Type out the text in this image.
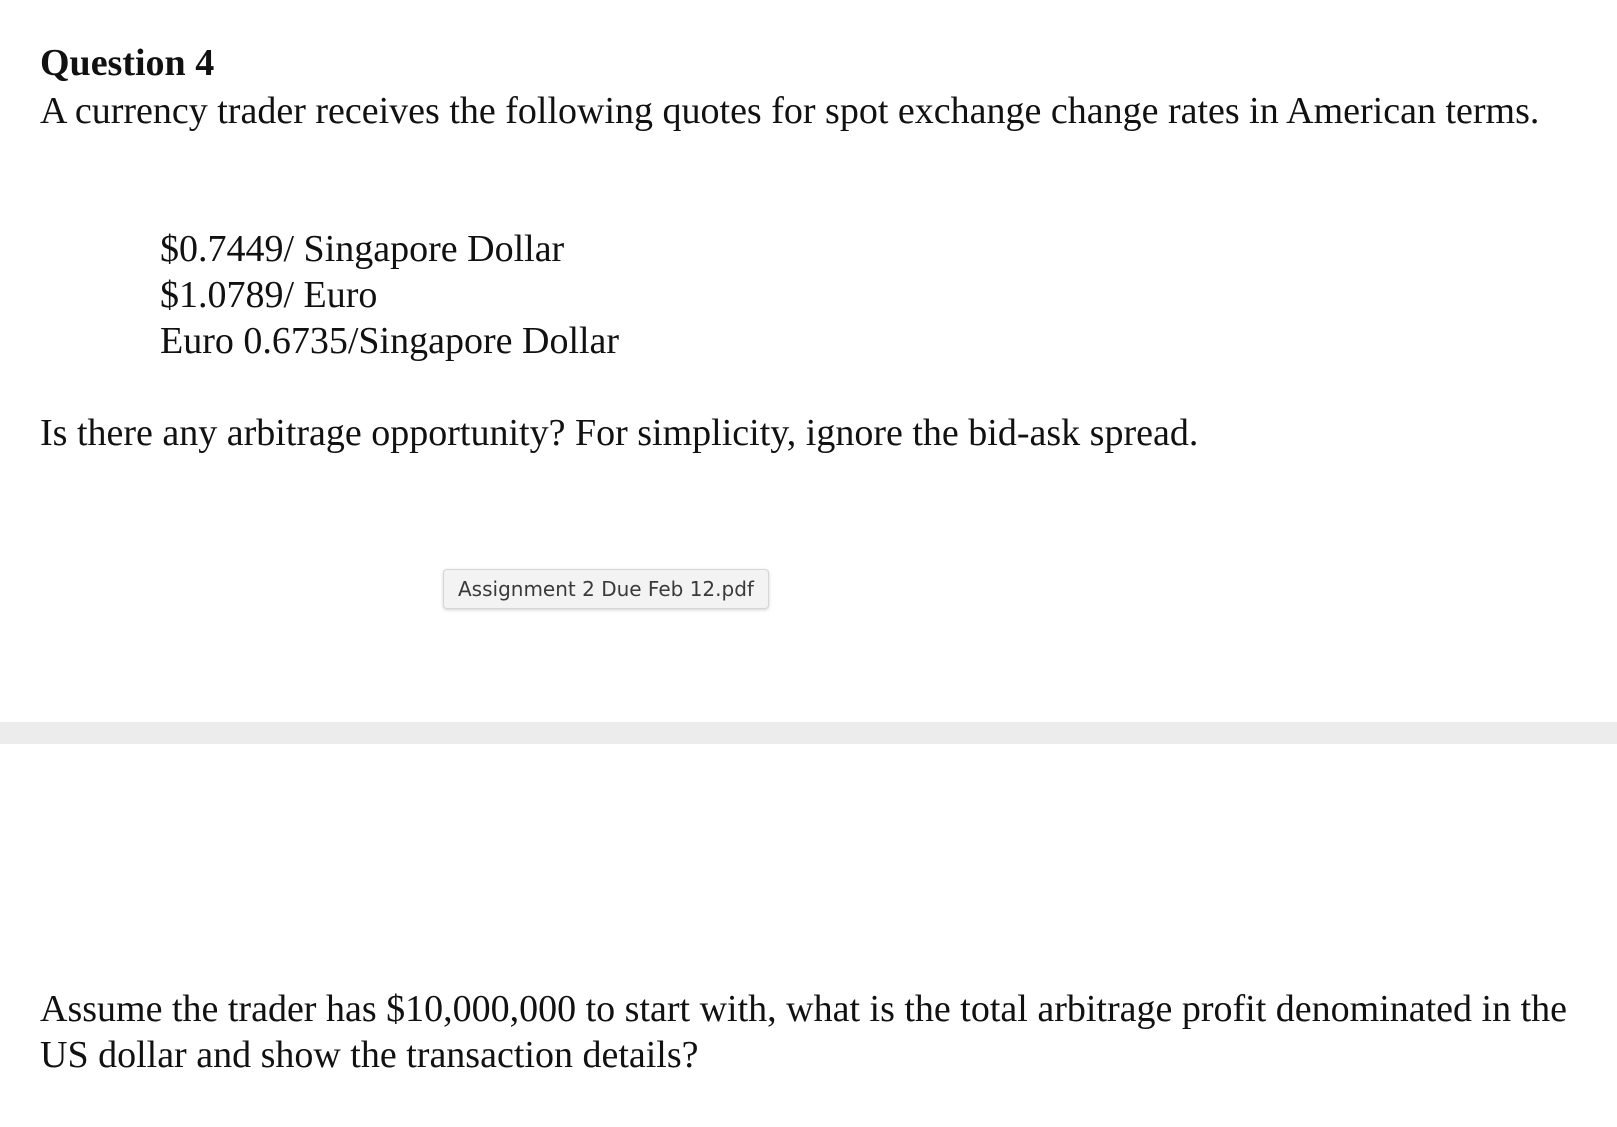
Question 4

A currency trader receives the following quotes for spot exchange change rates in American terms.

$0.7449/ Singapore Dollar
$1.0789/ Euro
Euro 0.6735/Singapore Dollar

Is there any arbitrage opportunity? For simplicity, ignore the bid-ask spread.

Assignment 2 Due Feb 12.pdf

Assume the trader has $10,000,000 to start with, what is the total arbitrage profit denominated in the US dollar and show the transaction details?
